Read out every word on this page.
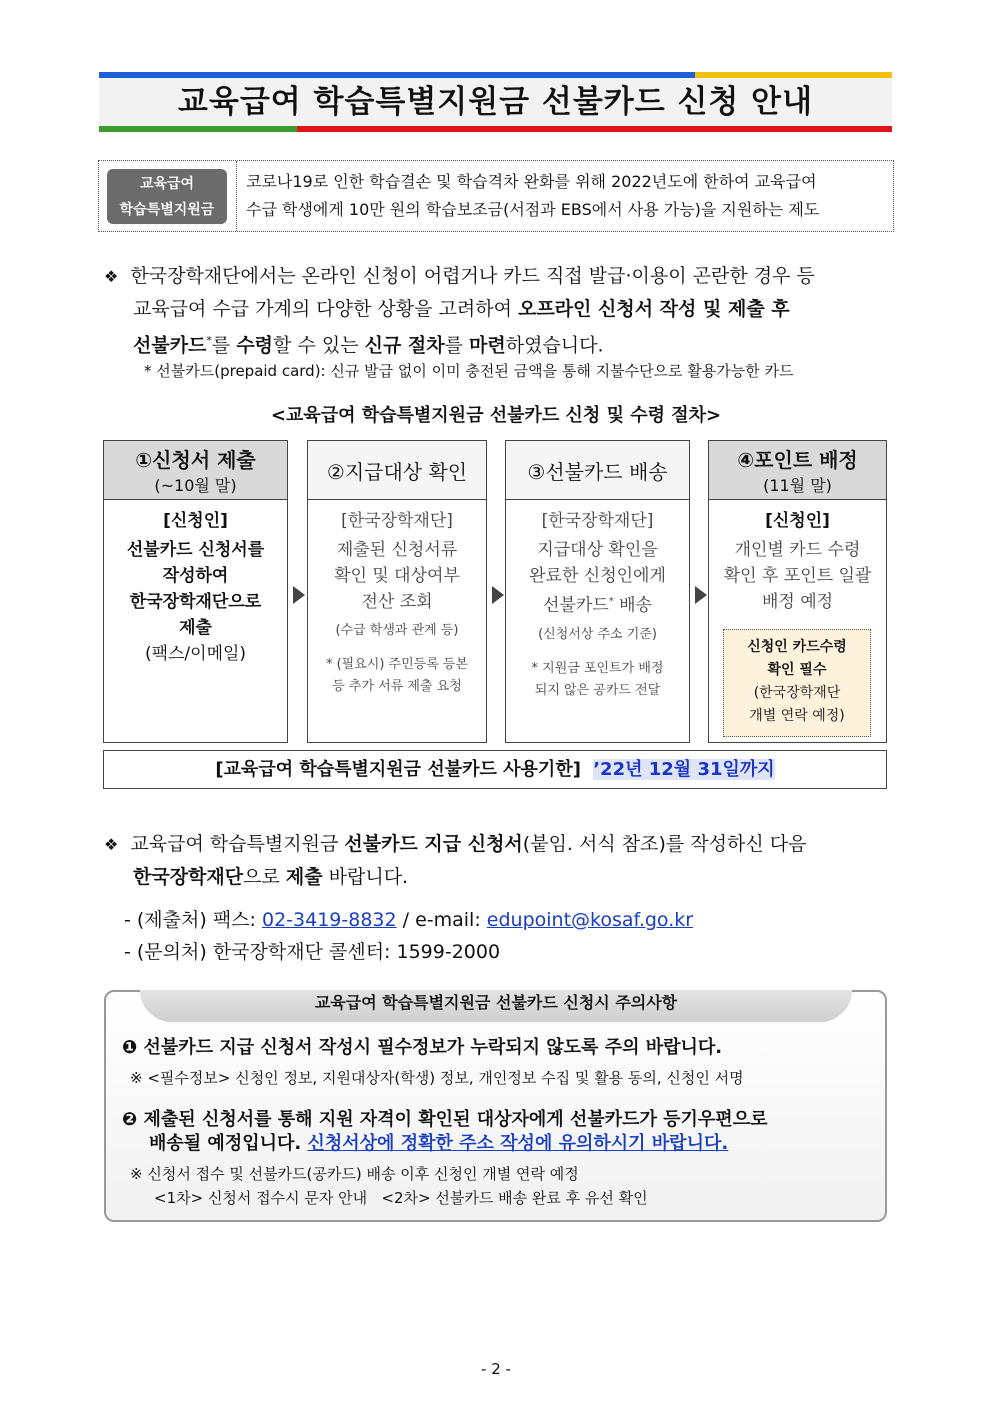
교육급여 학습특별지원금 선불카드 신청 안내
교육급여
학습특별지원금
코로나19로 인한 학습결손 및 학습격차 완화를 위해 2022년도에 한하여 교육급여
수급 학생에게 10만 원의 학습보조금(서점과 EBS에서 사용 가능)을 지원하는 제도
❖ 한국장학재단에서는 온라인 신청이 어렵거나 카드 직접 발급·이용이 곤란한 경우 등
교육급여 수급 가계의 다양한 상황을 고려하여 오프라인 신청서 작성 및 제출 후
선불카드*를 수령할 수 있는 신규 절차를 마련하였습니다.
* 선불카드(prepaid card): 신규 발급 없이 이미 충전된 금액을 통해 지불수단으로 활용가능한 카드
<교육급여 학습특별지원금 선불카드 신청 및 수령 절차>
①신청서 제출
(~10월 말)
[신청인]
선불카드 신청서를
작성하여
한국장학재단으로
제출
(팩스/이메일)
②지급대상 확인
[한국장학재단]
제출된 신청서류
확인 및 대상여부
전산 조회
(수급 학생과 관계 등)
* (필요시) 주민등록 등본
등 추가 서류 제출 요청
③선불카드 배송
[한국장학재단]
지급대상 확인을
완료한 신청인에게
선불카드* 배송
(신청서상 주소 기준)
* 지원금 포인트가 배정
되지 않은 공카드 전달
④포인트 배정
(11월 말)
[신청인]
개인별 카드 수령
확인 후 포인트 일괄
배정 예정
신청인 카드수령
확인 필수
(한국장학재단
개별 연락 예정)
[교육급여 학습특별지원금 선불카드 사용기한] ’22년 12월 31일까지
❖ 교육급여 학습특별지원금 선불카드 지급 신청서(붙임. 서식 참조)를 작성하신 다음
한국장학재단으로 제출 바랍니다.
- (제출처) 팩스: 02-3419-8832 / e-mail: edupoint@kosaf.go.kr
- (문의처) 한국장학재단 콜센터: 1599-2000
교육급여 학습특별지원금 선불카드 신청시 주의사항
❶ 선불카드 지급 신청서 작성시 필수정보가 누락되지 않도록 주의 바랍니다.
※ <필수정보> 신청인 정보, 지원대상자(학생) 정보, 개인정보 수집 및 활용 동의, 신청인 서명
❷ 제출된 신청서를 통해 지원 자격이 확인된 대상자에게 선불카드가 등기우편으로
배송될 예정입니다. 신청서상에 정확한 주소 작성에 유의하시기 바랍니다.
※ 신청서 접수 및 선불카드(공카드) 배송 이후 신청인 개별 연락 예정
<1차> 신청서 접수시 문자 안내   <2차> 선불카드 배송 완료 후 유선 확인
- 2 -
